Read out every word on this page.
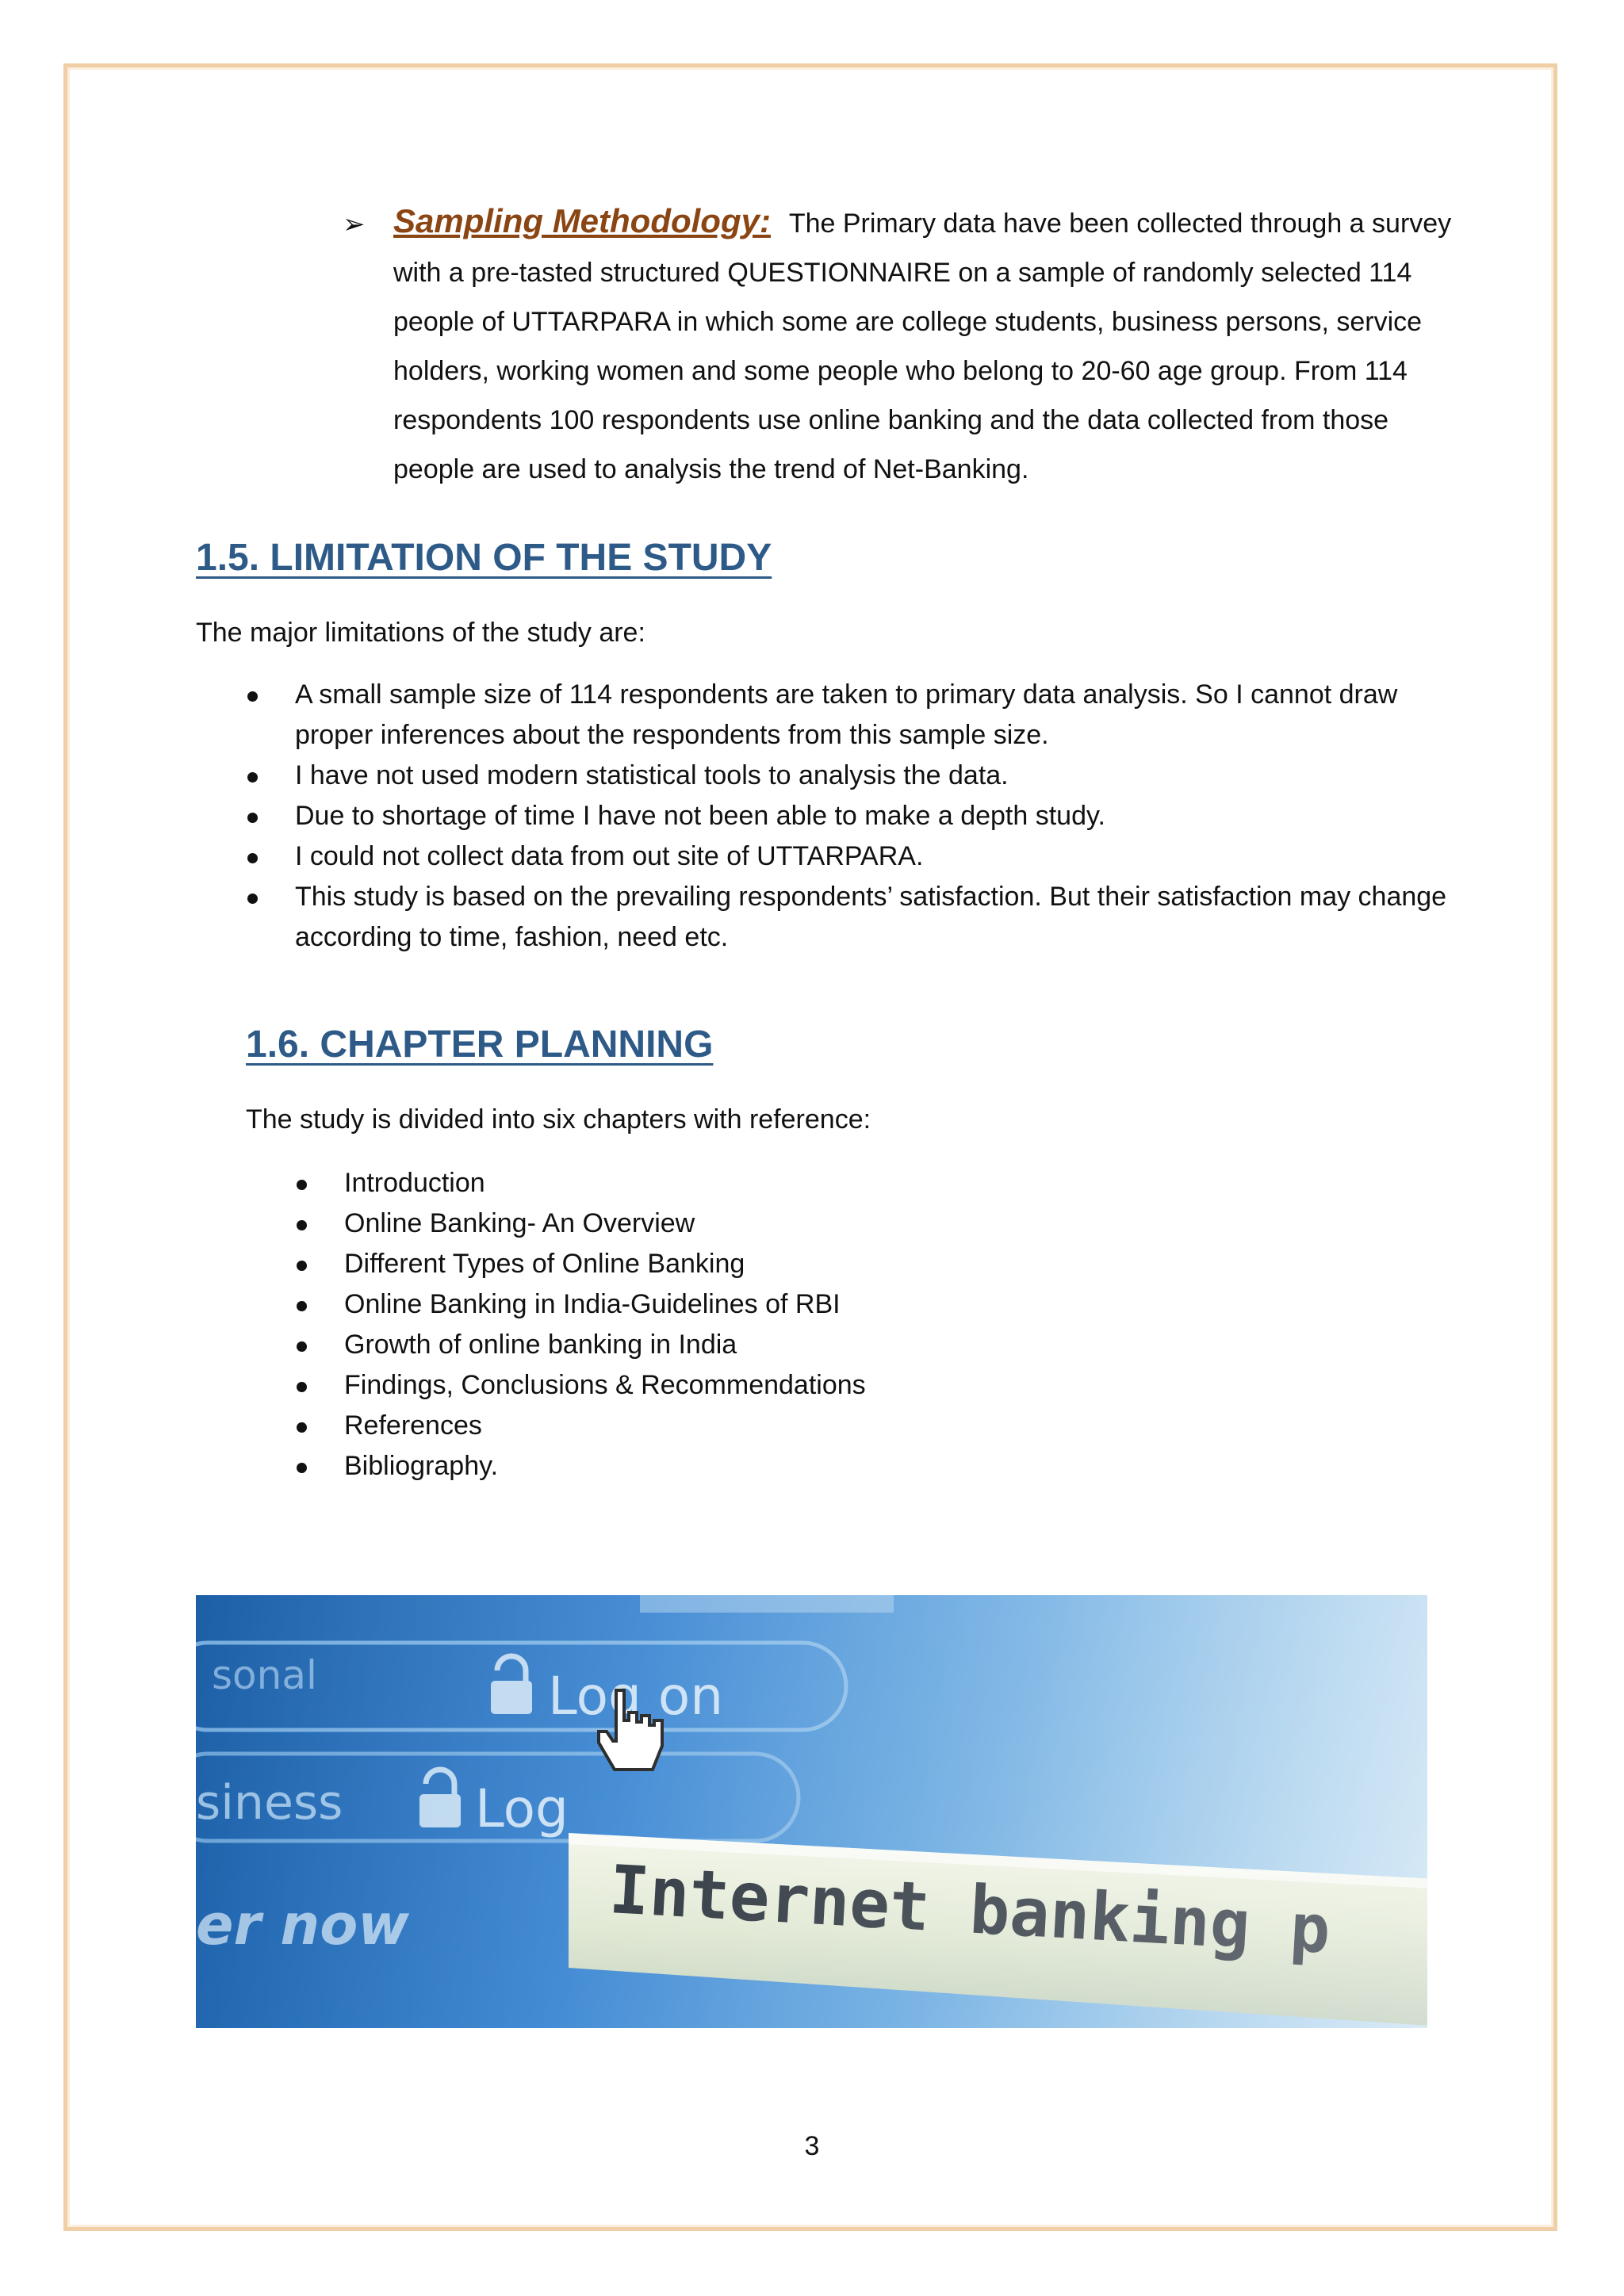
➢ Sampling Methodology: The Primary data have been collected through a survey with a pre-tasted structured QUESTIONNAIRE on a sample of randomly selected 114 people of UTTARPARA in which some are college students, business persons, service holders, working women and some people who belong to 20-60 age group. From 114 respondents 100 respondents use online banking and the data collected from those people are used to analysis the trend of Net-Banking.
1.5. LIMITATION OF THE STUDY

The major limitations of the study are:

A small sample size of 114 respondents are taken to primary data analysis. So I cannot draw proper inferences about the respondents from this sample size.
I have not used modern statistical tools to analysis the data.
Due to shortage of time I have not been able to make a depth study.
I could not collect data from out site of UTTARPARA.
This study is based on the prevailing respondents’ satisfaction. But their satisfaction may change according to time, fashion, need etc.
1.6. CHAPTER PLANNING

The study is divided into six chapters with reference:

Introduction
Online Banking- An Overview
Different Types of Online Banking
Online Banking in India-Guidelines of RBI
Growth of online banking in India
Findings, Conclusions & Recommendations
References
Bibliography.
3
